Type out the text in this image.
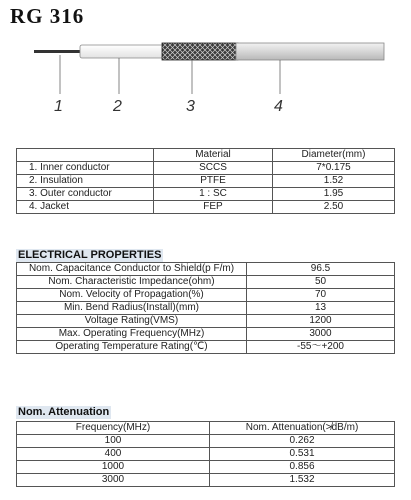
RG 316
1	2	3	4
	Material	Diameter(mm)
1. Inner conductor	SCCS	7*0.175
2. Insulation	PTFE	1.52
3. Outer conductor	1 : SC	1.95
4. Jacket	FEP	2.50
ELECTRICAL PROPERTIES
Nom. Capacitance Conductor to Shield(p F/m)	96.5
Nom. Characteristic Impedance(ohm)	50
Nom. Velocity of Propagation(%)	70
Min. Bend Radius(Install)(mm)	13
Voltage Rating(VMS)	1200
Max. Operating Frequency(MHz)	3000
Operating Temperature Rating(℃)	-55～+200
Nom. Attenuation
Frequency(MHz)	Nom. Attenuation(≯dB/m)
100	0.262
400	0.531
1000	0.856
3000	1.532
